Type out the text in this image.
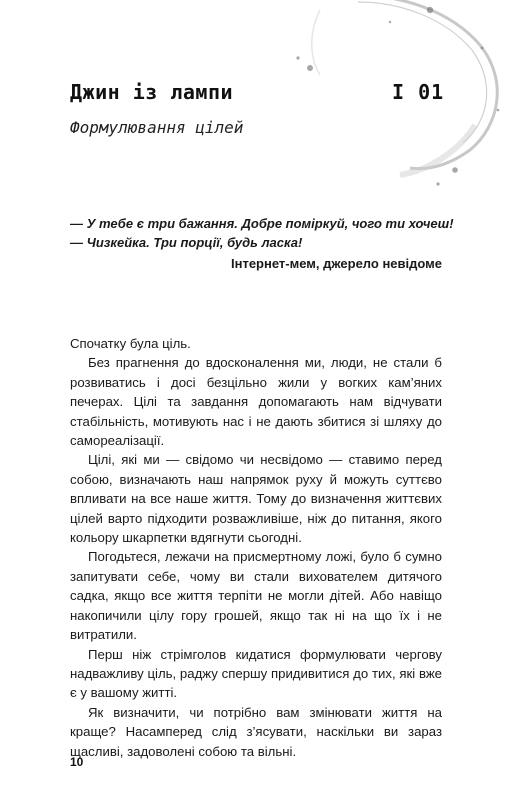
Джин із лампи	I 01
Формулювання цілей
— У тебе є три бажання. Добре поміркуй, чого ти хочеш!
— Чизкейка. Три порції, будь ласка!
Інтернет-мем, джерело невідоме

Спочатку була ціль.

Без прагнення до вдосконалення ми, люди, не стали б розвиватись і досі безцільно жили у вогких кам’яних печерах. Цілі та завдання допомагають нам відчувати стабільність, мотивують нас і не дають збитися зі шляху до самореалізації.

Цілі, які ми — свідомо чи несвідомо — ставимо перед собою, визначають наш напрямок руху й можуть суттєво впливати на все наше життя. Тому до визначення життєвих цілей варто підходити розважливіше, ніж до питання, якого кольору шкарпетки вдягнути сьогодні.

Погодьтеся, лежачи на присмертному ложі, було б сумно запитувати себе, чому ви стали вихователем дитячого садка, якщо все життя терпіти не могли дітей. Або навіщо накопичили цілу гору грошей, якщо так ні на що їх і не витратили.

Перш ніж стрімголов кидатися формулювати чергову надважливу ціль, раджу спершу придивитися до тих, які вже є у вашому житті.

Як визначити, чи потрібно вам змінювати життя на краще? Насамперед слід з’ясувати, наскільки ви зараз щасливі, задоволені собою та вільні.

10
